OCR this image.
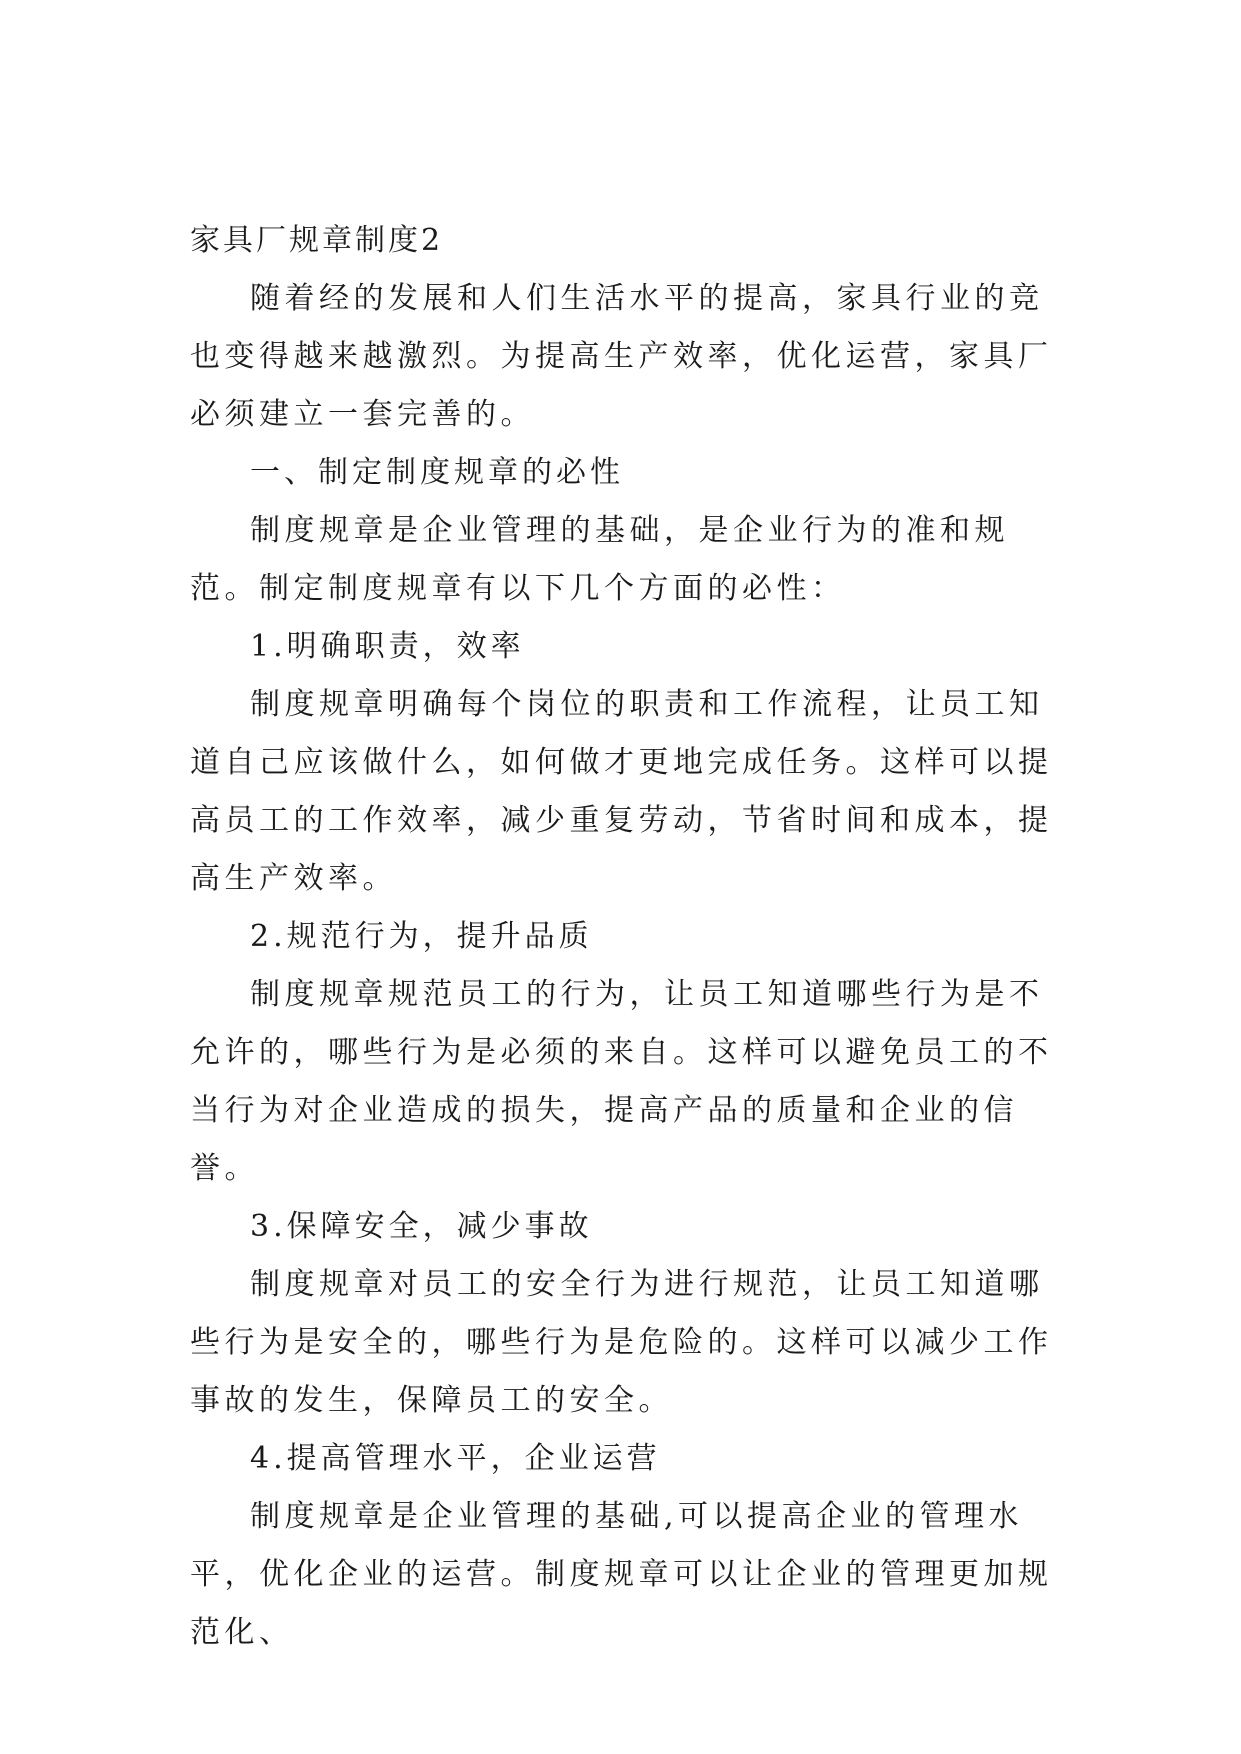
家具厂规章制度2

随着经的发展和人们生活水平的提高，家具行业的竞也变得越来越激烈。为提高生产效率，优化运营，家具厂必须建立一套完善的。

一、制定制度规章的必性

制度规章是企业管理的基础，是企业行为的准和规范。制定制度规章有以下几个方面的必性：

1.明确职责，效率

制度规章明确每个岗位的职责和工作流程，让员工知道自己应该做什么，如何做才更地完成任务。这样可以提高员工的工作效率，减少重复劳动，节省时间和成本，提高生产效率。

2.规范行为，提升品质

制度规章规范员工的行为，让员工知道哪些行为是不允许的，哪些行为是必须的来自。这样可以避免员工的不当行为对企业造成的损失，提高产品的质量和企业的信誉。

3.保障安全，减少事故

制度规章对员工的安全行为进行规范，让员工知道哪些行为是安全的，哪些行为是危险的。这样可以减少工作事故的发生，保障员工的安全。

4.提高管理水平，企业运营

制度规章是企业管理的基础,可以提高企业的管理水平，优化企业的运营。制度规章可以让企业的管理更加规范化、
